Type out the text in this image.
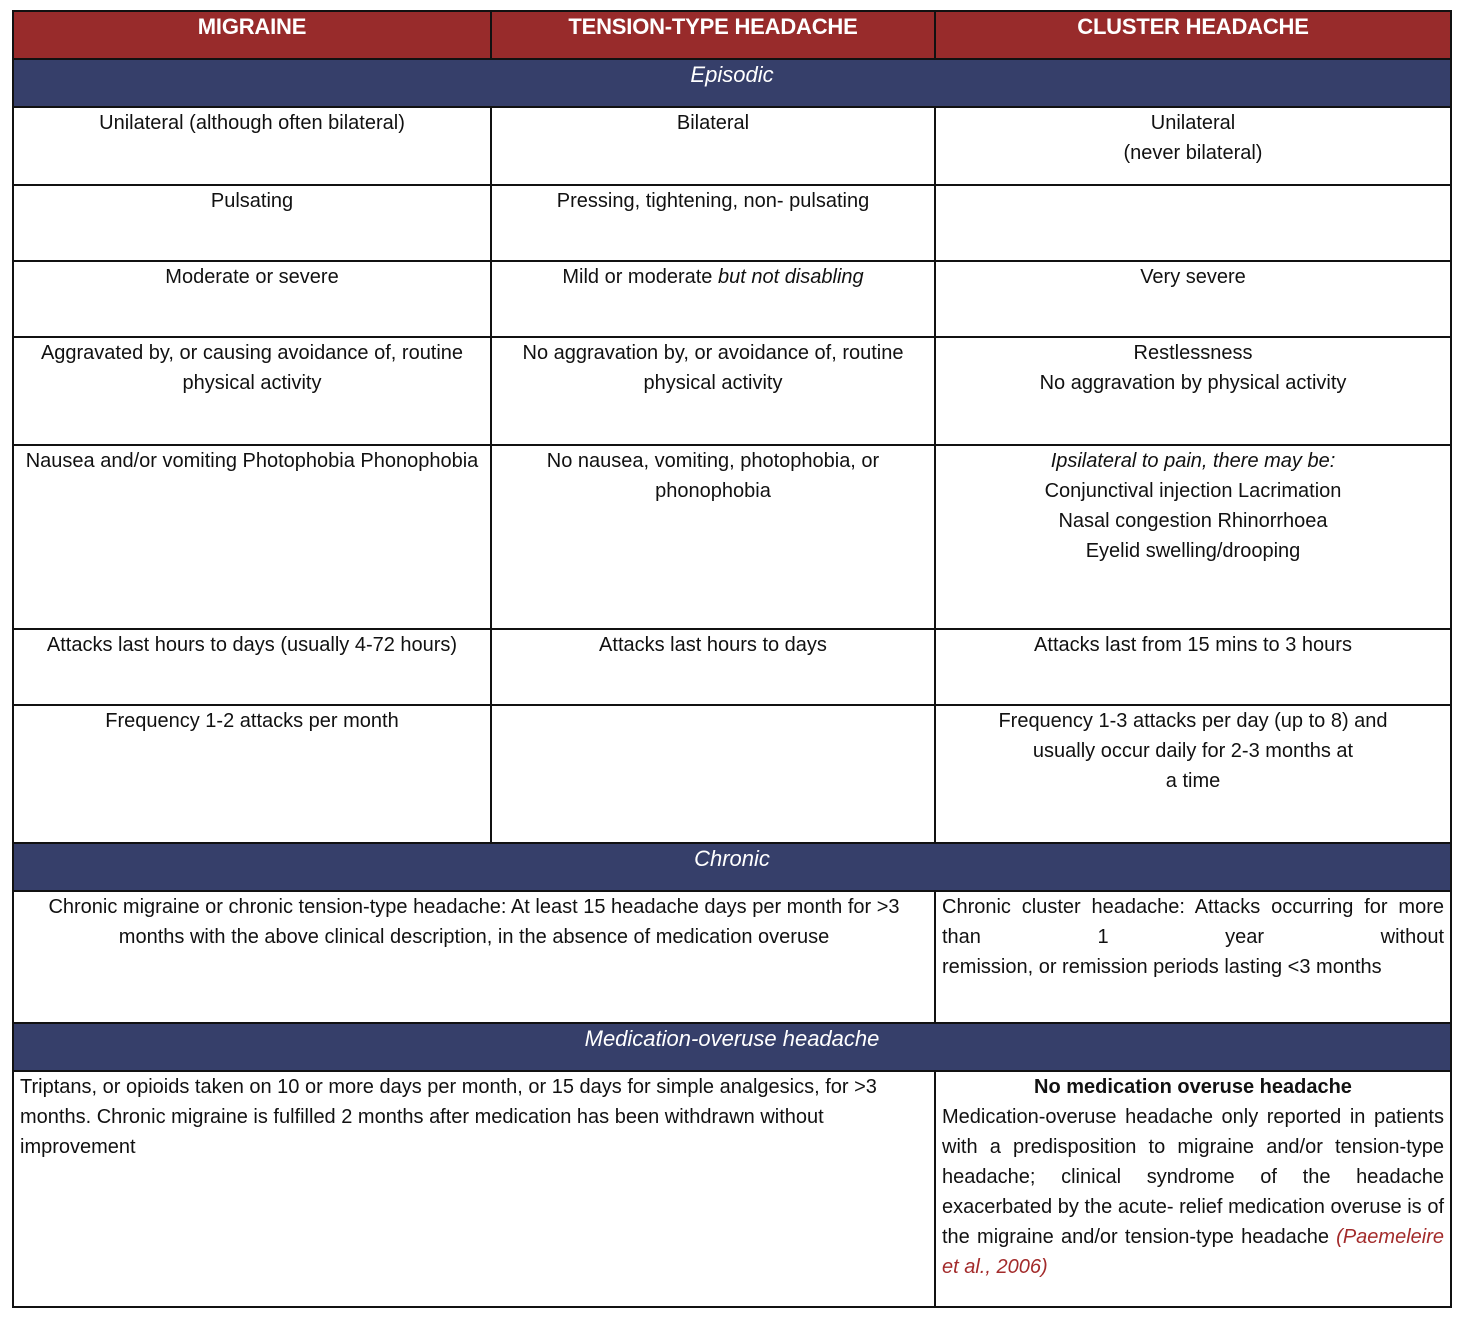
MIGRAINE	TENSION-TYPE HEADACHE	CLUSTER HEADACHE
Episodic		
Unilateral (although often bilateral)	Bilateral	Unilateral
(never bilateral)

Pulsating	Pressing, tightening, non- pulsating	
Moderate or severe	Mild or moderate but not disabling	Very severe
Aggravated by, or causing avoidance of, routine physical activity	No aggravation by, or avoidance of, routine physical activity	Restlessness
No aggravation by physical activity

Nausea and/or vomiting Photophobia Phonophobia	No nausea, vomiting, photophobia, or phonophobia	Ipsilateral to pain, there may be:
Conjunctival injection Lacrimation
Nasal congestion Rhinorrhoea
Eyelid swelling/drooping

Attacks last hours to days (usually 4-72 hours)	Attacks last hours to days	Attacks last from 15 mins to 3 hours
Frequency 1-2 attacks per month		Frequency 1-3 attacks per day (up to 8) and
usually occur daily for 2-3 months at
a time

Chronic		
Chronic migraine or chronic tension-type headache: At least 15 headache days per month for >3 months with the above clinical description, in the absence of medication overuse		Chronic cluster headache: Attacks occurring for more than 1 year without
remission, or remission periods lasting <3 months

Medication-overuse headache		
Triptans, or opioids taken on 10 or more days per month, or 15 days for simple analgesics, for >3 months. Chronic migraine is fulfilled 2 months after medication has been withdrawn without improvement		No medication overuse headache
Medication-overuse headache only reported in patients with a predisposition to migraine and/or tension-type headache; clinical syndrome of the headache exacerbated by the acute- relief medication overuse is of the migraine and/or tension-type headache (Paemeleire et al., 2006)
